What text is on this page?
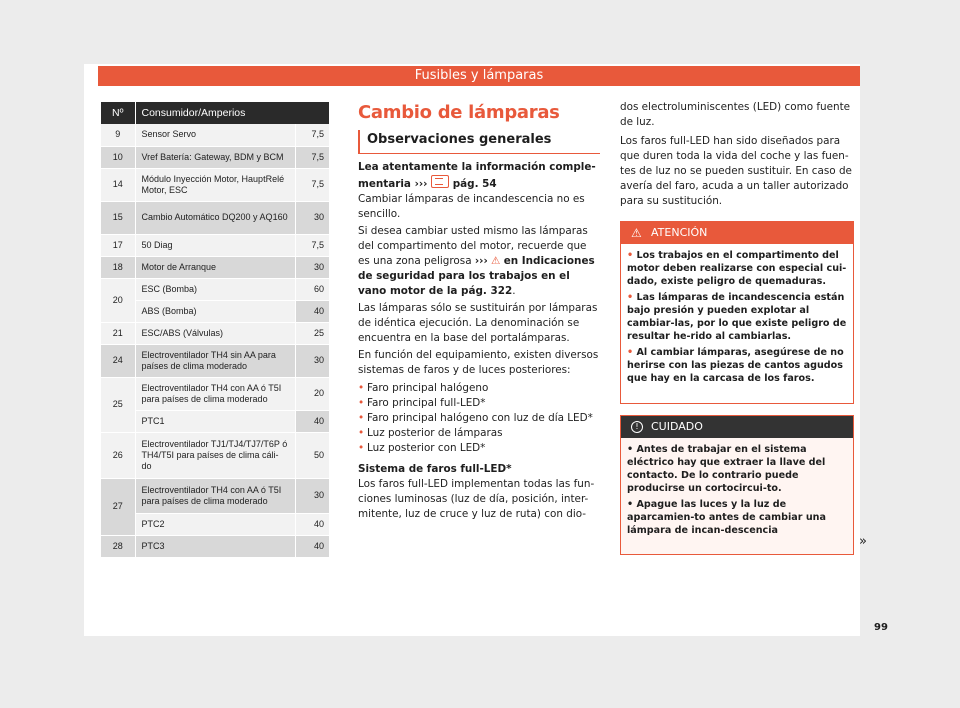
Fusibles y lámparas
Nº	Consumidor/Amperios	
9	Sensor Servo	7,5
10	Vref Batería: Gateway, BDM y BCM	7,5
14	Módulo Inyección Motor, HauptRelé Motor, ESC	7,5
15	Cambio Automático DQ200 y AQ160	30
17	50 Diag	7,5
18	Motor de Arranque	30
20	ESC (Bomba)	60
	ABS (Bomba)	40
21	ESC/ABS (Válvulas)	25
24	Electroventilador TH4 sin AA para países de clima moderado	30
25	Electroventilador TH4 con AA ó T5I para países de clima moderado	20
	PTC1	40
26	Electroventilador TJ1/TJ4/TJ7/T6P ó TH4/T5I para países de clima cáli-do	50
27	Electroventilador TH4 con AA ó T5I para países de clima moderado	30
	PTC2	40
28	PTC3	40
Cambio de lámparas
Observaciones generales

Lea atentamente la información comple-mentaria ››› pág. 54

Cambiar lámparas de incandescencia no es sencillo.

Si desea cambiar usted mismo las lámparas del compartimento del motor, recuerde que es una zona peligrosa ››› ⚠ en Indicaciones de seguridad para los trabajos en el vano motor de la pág. 322.

Las lámparas sólo se sustituirán por lámparas de idéntica ejecución. La denominación se encuentra en la base del portalámparas.

En función del equipamiento, existen diversos sistemas de faros y de luces posteriores:

• Faro principal halógeno

• Faro principal full-LED*

• Faro principal halógeno con luz de día LED*

• Luz posterior de lámparas

• Luz posterior con LED*

Sistema de faros full-LED*

Los faros full-LED implementan todas las fun-ciones luminosas (luz de día, posición, inter-mitente, luz de cruce y luz de ruta) con dio-

dos electroluminiscentes (LED) como fuente de luz.

Los faros full-LED han sido diseñados para que duren toda la vida del coche y las fuen-tes de luz no se pueden sustituir. En caso de avería del faro, acuda a un taller autorizado para su sustitución.

⚠ ATENCIÓN

• Los trabajos en el compartimento del motor deben realizarse con especial cui-dado, existe peligro de quemaduras.

• Las lámparas de incandescencia están bajo presión y pueden explotar al cambiar-las, por lo que existe peligro de resultar he-rido al cambiarlas.

• Al cambiar lámparas, asegúrese de no herirse con las piezas de cantos agudos que hay en la carcasa de los faros.

!	CUIDADO

• Antes de trabajar en el sistema eléctrico hay que extraer la llave del contacto. De lo contrario puede producirse un cortocircui-to.

• Apague las luces y la luz de aparcamien-to antes de cambiar una lámpara de incan-descencia

»
99
